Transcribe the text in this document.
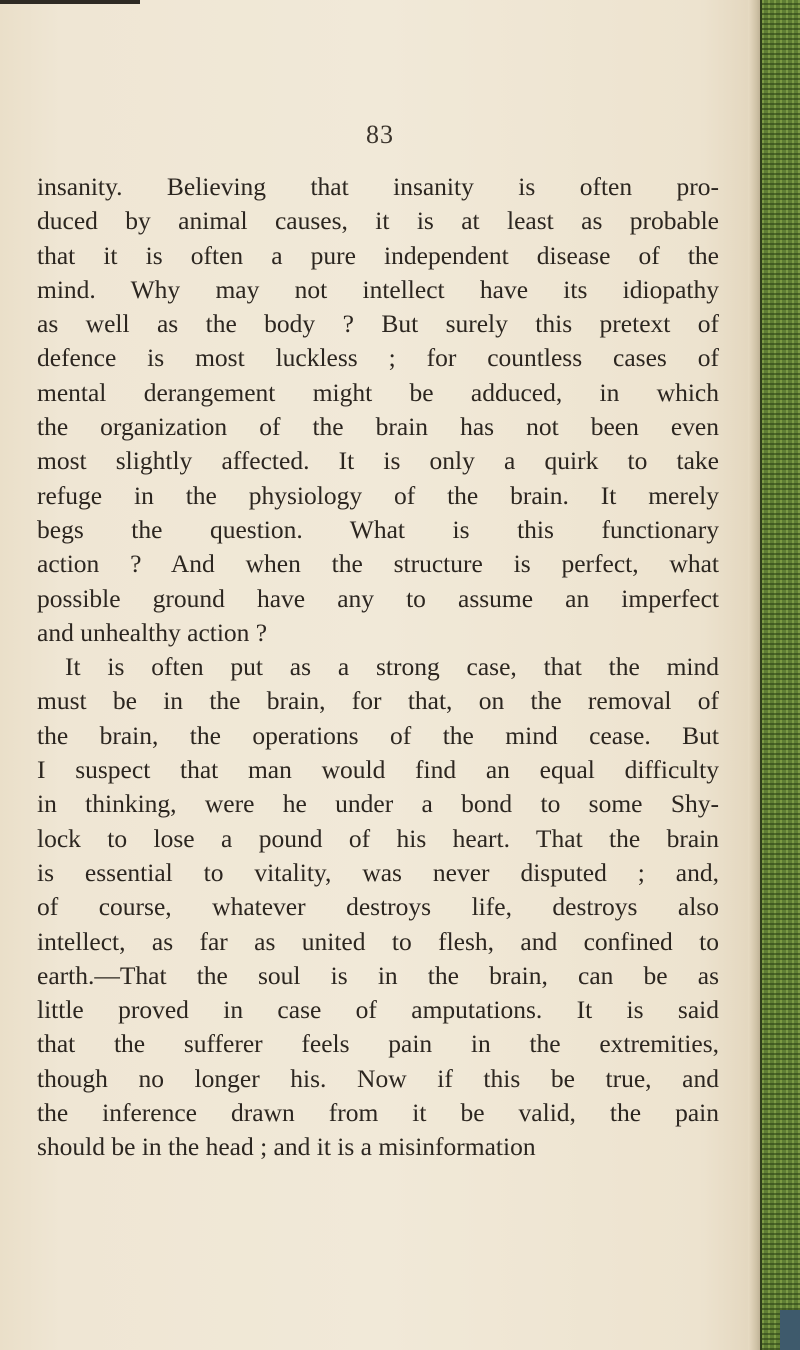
83
insanity. Believing that insanity is often pro-
duced by animal causes, it is at least as probable
that it is often a pure independent disease of the
mind. Why may not intellect have its idiopathy
as well as the body ? But surely this pretext of
defence is most luckless ; for countless cases of
mental derangement might be adduced, in which
the organization of the brain has not been even
most slightly affected. It is only a quirk to take
refuge in the physiology of the brain. It merely
begs the question. What is this functionary
action ? And when the structure is perfect, what
possible ground have any to assume an imperfect
and unhealthy action ?
It is often put as a strong case, that the mind
must be in the brain, for that, on the removal of
the brain, the operations of the mind cease. But
I suspect that man would find an equal difficulty
in thinking, were he under a bond to some Shy-
lock to lose a pound of his heart. That the brain
is essential to vitality, was never disputed ; and,
of course, whatever destroys life, destroys also
intellect, as far as united to flesh, and confined to
earth.—That the soul is in the brain, can be as
little proved in case of amputations. It is said
that the sufferer feels pain in the extremities,
though no longer his. Now if this be true, and
the inference drawn from it be valid, the pain
should be in the head ; and it is a misinformation
